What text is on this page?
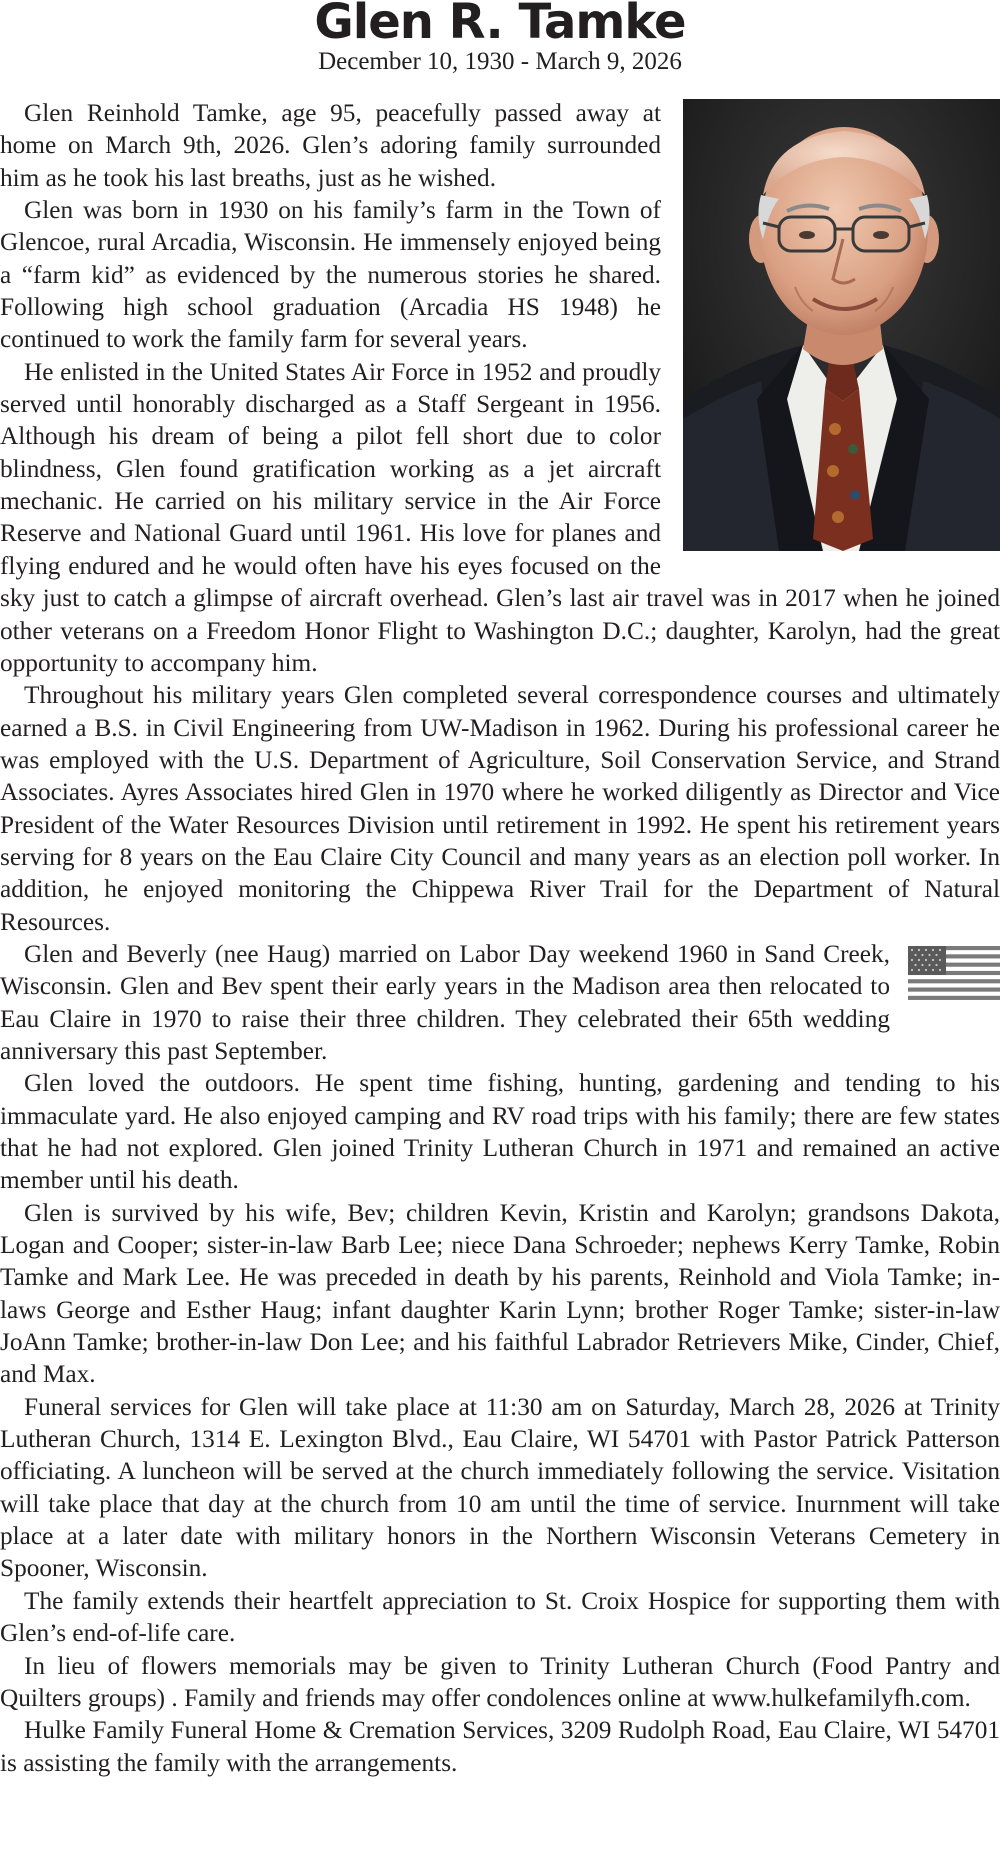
Glen R. Tamke
December 10, 1930 - March 9, 2026

Glen Reinhold Tamke, age 95, peacefully passed away at home on March 9th, 2026. Glen’s adoring family surrounded him as he took his last breaths, just as he wished.

Glen was born in 1930 on his family’s farm in the Town of Glencoe, rural Arcadia, Wisconsin. He immensely enjoyed being a “farm kid” as evidenced by the numerous stories he shared. Following high school graduation (Arcadia HS 1948) he continued to work the family farm for several years.

He enlisted in the United States Air Force in 1952 and proudly served until honorably discharged as a Staff Sergeant in 1956. Although his dream of being a pilot fell short due to color blindness, Glen found gratification working as a jet aircraft mechanic. He carried on his military service in the Air Force Reserve and National Guard until 1961. His love for planes and flying endured and he would often have his eyes focused on the sky just to catch a glimpse of aircraft overhead. Glen’s last air travel was in 2017 when he joined other veterans on a Freedom Honor Flight to Washington D.C.; daughter, Karolyn, had the great opportunity to accompany him.

Throughout his military years Glen completed several correspondence courses and ultimately earned a B.S. in Civil Engineering from UW-Madison in 1962. During his professional career he was employed with the U.S. Department of Agriculture, Soil Conservation Service, and Strand Associates. Ayres Associates hired Glen in 1970 where he worked diligently as Director and Vice President of the Water Resources Division until retirement in 1992. He spent his retirement years serving for 8 years on the Eau Claire City Council and many years as an election poll worker. In addition, he enjoyed monitoring the Chippewa River Trail for the Department of Natural Resources.

Glen and Beverly (nee Haug) married on Labor Day weekend 1960 in Sand Creek, Wisconsin. Glen and Bev spent their early years in the Madison area then relocated to Eau Claire in 1970 to raise their three children. They celebrated their 65th wedding anniversary this past September.

Glen loved the outdoors. He spent time fishing, hunting, gardening and tending to his immaculate yard. He also enjoyed camping and RV road trips with his family; there are few states that he had not explored. Glen joined Trinity Lutheran Church in 1971 and remained an active member until his death.

Glen is survived by his wife, Bev; children Kevin, Kristin and Karolyn; grandsons Dakota, Logan and Cooper; sister-in-law Barb Lee; niece Dana Schroeder; nephews Kerry Tamke, Robin Tamke and Mark Lee. He was preceded in death by his parents, Reinhold and Viola Tamke; in-laws George and Esther Haug; infant daughter Karin Lynn; brother Roger Tamke; sister-in-law JoAnn Tamke; brother-in-law Don Lee; and his faithful Labrador Retrievers Mike, Cinder, Chief, and Max.

Funeral services for Glen will take place at 11:30 am on Saturday, March 28, 2026 at Trinity Lutheran Church, 1314 E. Lexington Blvd., Eau Claire, WI 54701 with Pastor Patrick Patterson officiating. A luncheon will be served at the church immediately following the service. Visitation will take place that day at the church from 10 am until the time of service. Inurnment will take place at a later date with military honors in the Northern Wisconsin Veterans Cemetery in Spooner, Wisconsin.

The family extends their heartfelt appreciation to St. Croix Hospice for supporting them with Glen’s end-of-life care.

In lieu of flowers memorials may be given to Trinity Lutheran Church (Food Pantry and Quilters groups) . Family and friends may offer condolences online at www.hulkefamilyfh.com.

Hulke Family Funeral Home & Cremation Services, 3209 Rudolph Road, Eau Claire, WI 54701 is assisting the family with the arrangements.
